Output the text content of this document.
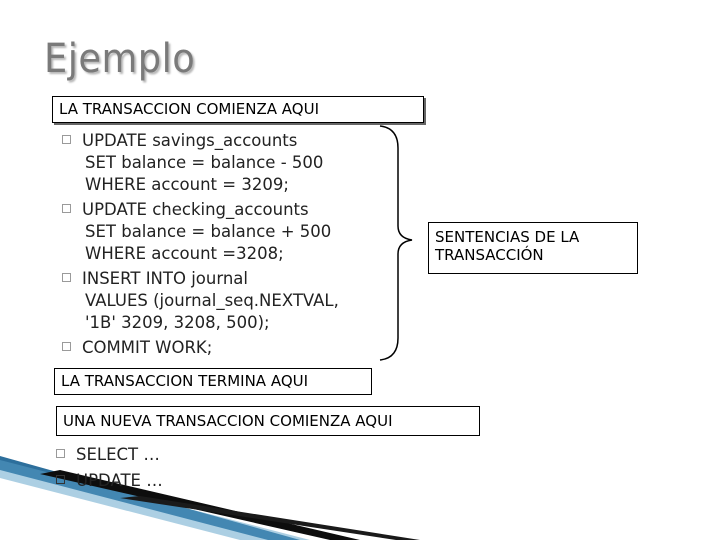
Ejemplo
LA TRANSACCION COMIENZA AQUI
UPDATE savings_accounts
SET balance = balance - 500
WHERE account = 3209;
UPDATE checking_accounts
SET balance = balance + 500
WHERE account =3208;
INSERT INTO journal
VALUES (journal_seq.NEXTVAL,
'1B' 3209, 3208, 500);
COMMIT WORK;
SENTENCIAS DE LA TRANSACCIÓN
LA TRANSACCION TERMINA AQUI
UNA NUEVA TRANSACCION COMIENZA AQUI
SELECT …
UPDATE …
